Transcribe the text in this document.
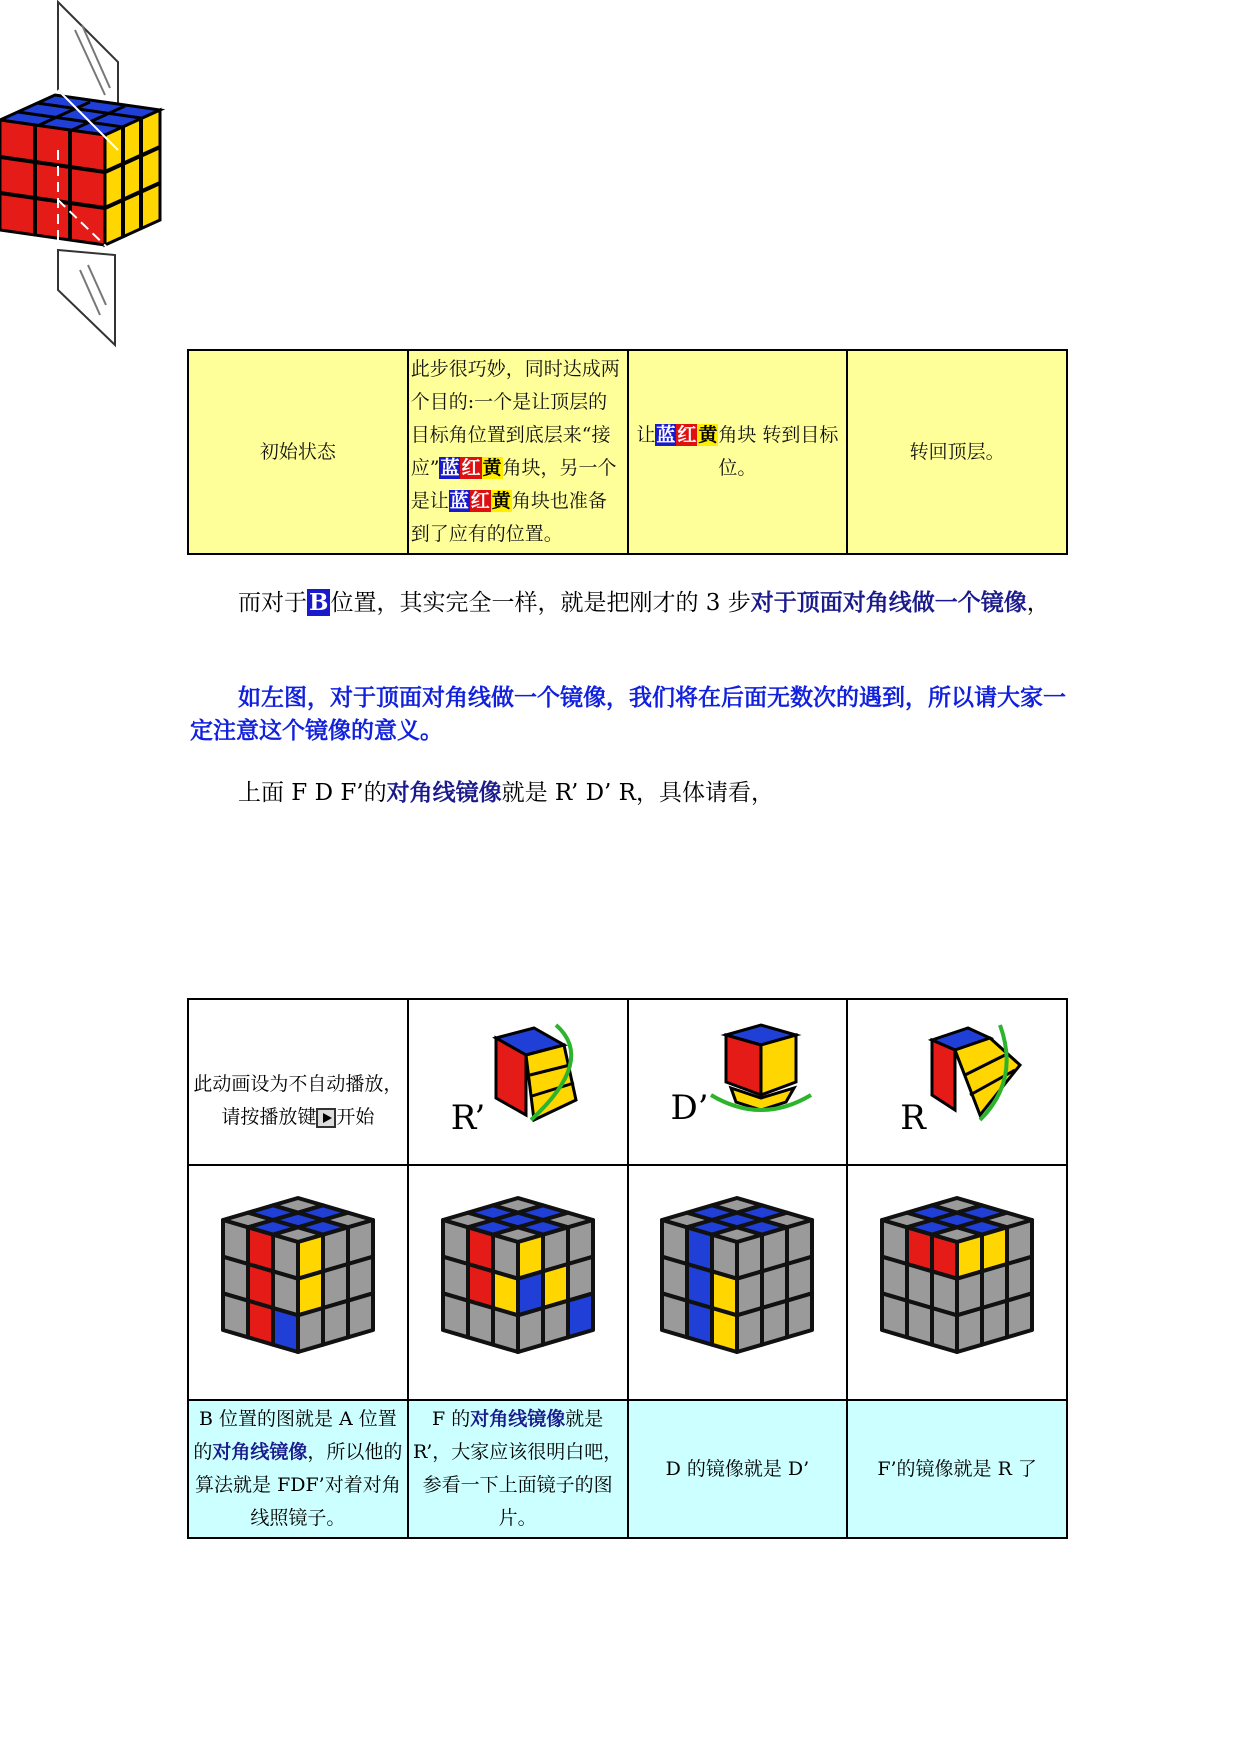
初始状态	此步很巧妙，同时达成两个目的:一个是让顶层的目标角位置到底层来“接应”蓝 红 黄角块，另一个是让蓝 红 黄角块也准备到了应有的位置。	让蓝 红 黄角块 转到目标位。	转回顶层。
而对于B位置，其实完全一样，就是把刚才的 3 步对于顶面对角线做一个镜像，
如左图，对于顶面对角线做一个镜像，我们将在后面无数次的遇到，所以请大家一定注意这个镜像的意义。
上面 F D F’的对角线镜像就是 R’ D’ R，具体请看，
此动画设为不自动播放，请按播放键 开始	R’	D’	R

B 位置的图就是 A 位置的对角线镜像，所以他的算法就是 FDF’对着对角线照镜子。	F 的对角线镜像就是 R’，大家应该很明白吧，参看一下上面镜子的图片。	D 的镜像就是 D’	F’的镜像就是 R 了
